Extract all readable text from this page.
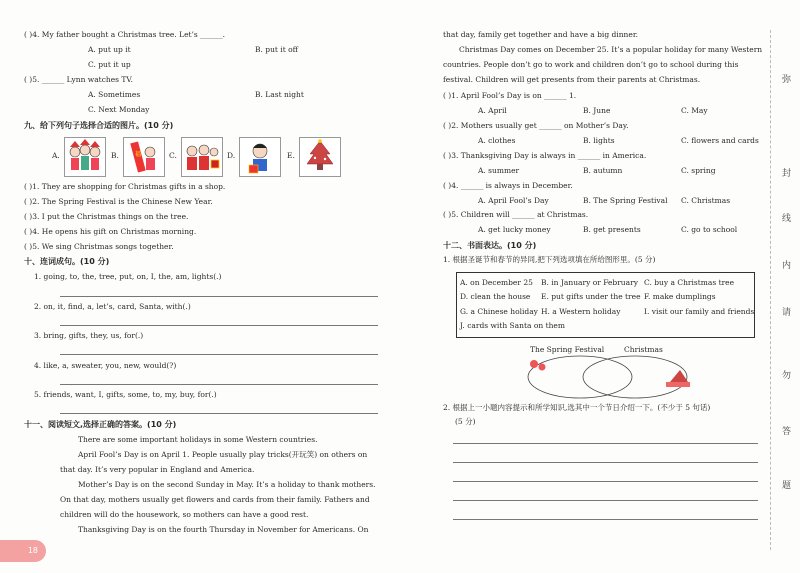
( )4. My father bought a Christmas tree. Let’s ______.
A. put up it	B. put it off
C. put it up
( )5. ______ Lynn watches TV.
A. Sometimes	B. Last night
C. Next Monday
九、给下列句子选择合适的图片。(10 分)
A.	B.	福	C.	D.	E.
( )1. They are shopping for Christmas gifts in a shop.
( )2. The Spring Festival is the Chinese New Year.
( )3. I put the Christmas things on the tree.
( )4. He opens his gift on Christmas morning.
( )5. We sing Christmas songs together.
十、连词成句。(10 分)
1. going, to, the, tree, put, on, I, the, am, lights(.)
2. on, it, find, a, let’s, card, Santa, with(.)
3. bring, gifts, they, us, for(.)
4. like, a, sweater, you, new, would(?)
5. friends, want, I, gifts, some, to, my, buy, for(.)
十一、阅读短文,选择正确的答案。(10 分)
There are some important holidays in some Western countries.
April Fool’s Day is on April 1. People usually play tricks(开玩笑) on others on
that day. It’s very popular in England and America.
Mother’s Day is on the second Sunday in May. It’s a holiday to thank mothers.
On that day, mothers usually get flowers and cards from their family. Fathers and
children will do the housework, so mothers can have a good rest.
Thanksgiving Day is on the fourth Thursday in November for Americans. On
18
that day, family get together and have a big dinner.
Christmas Day comes on December 25. It’s a popular holiday for many Western
countries. People don’t go to work and children don’t go to school during this
festival. Children will get presents from their parents at Christmas.
( )1. April Fool’s Day is on ______ 1.
A. April	B. June	C. May
( )2. Mothers usually get ______ on Mother’s Day.
A. clothes	B. lights	C. flowers and cards
( )3. Thanksgiving Day is always in ______ in America.
A. summer	B. autumn	C. spring
( )4. ______ is always in December.
A. April Fool’s Day	B. The Spring Festival C. Christmas
( )5. Children will ______ at Christmas.
A. get lucky money	B. get presents	C. go to school
十二、书面表达。(10 分)
1. 根据圣诞节和春节的异同,把下列选项填在所给图形里。(5 分)
A. on December 25 B. in January or February C. buy a Christmas tree
D. clean the house E. put gifts under the tree F. make dumplings
G. a Chinese holiday H. a Western holiday	I. visit our family and friends
J. cards with Santa on them
The Spring Festival	Christmas
2. 根据上一小题内容提示和所学知识,选其中一个节日介绍一下。(不少于 5 句话)
(5 分)
弥
封
线
内
请
勿
答
题
